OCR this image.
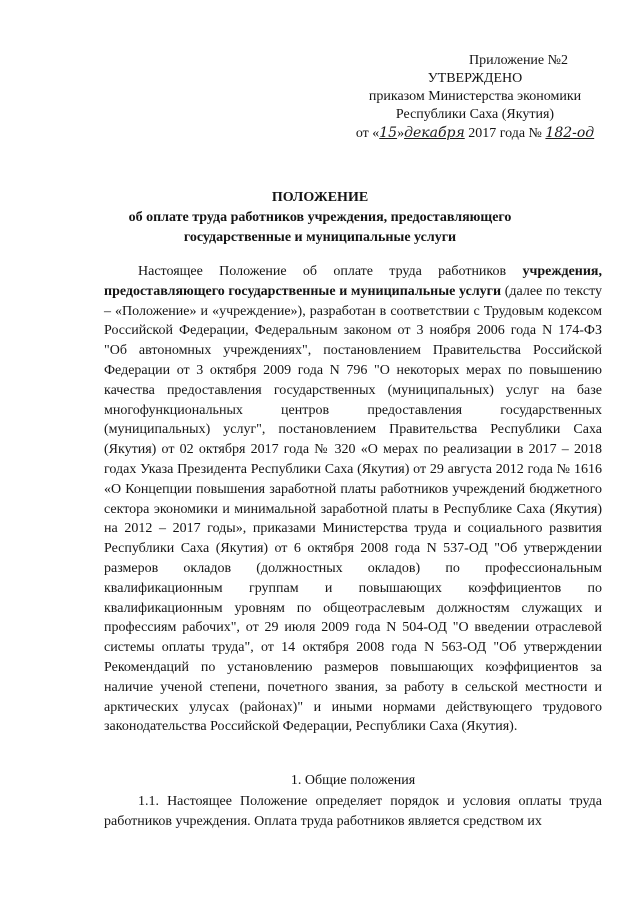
Приложение №2
УТВЕРЖДЕНО
приказом Министерства экономики
Республики Саха (Якутия)
от «15»декабря 2017 года № 182-од
ПОЛОЖЕНИЕ
об оплате труда работников учреждения, предоставляющего
государственные и муниципальные услуги

Настоящее Положение об оплате труда работников учреждения, предоставляющего государственные и муниципальные услуги (далее по тексту – «Положение» и «учреждение»), разработан в соответствии с Трудовым кодексом Российской Федерации, Федеральным законом от 3 ноября 2006 года N 174-ФЗ "Об автономных учреждениях", постановлением Правительства Российской Федерации от 3 октября 2009 года N 796 "О некоторых мерах по повышению качества предоставления государственных (муниципальных) услуг на базе многофункциональных центров предоставления государственных (муниципальных) услуг", постановлением Правительства Республики Саха (Якутия) от 02 октября 2017 года № 320 «О мерах по реализации в 2017 – 2018 годах Указа Президента Республики Саха (Якутия) от 29 августа 2012 года № 1616 «О Концепции повышения заработной платы работников учреждений бюджетного сектора экономики и минимальной заработной платы в Республике Саха (Якутия) на 2012 – 2017 годы», приказами Министерства труда и социального развития Республики Саха (Якутия) от 6 октября 2008 года N 537-ОД "Об утверждении размеров окладов (должностных окладов) по профессиональным квалификационным группам и повышающих коэффициентов по квалификационным уровням по общеотраслевым должностям служащих и профессиям рабочих", от 29 июля 2009 года N 504-ОД "О введении отраслевой системы оплаты труда", от 14 октября 2008 года N 563-ОД "Об утверждении Рекомендаций по установлению размеров повышающих коэффициентов за наличие ученой степени, почетного звания, за работу в сельской местности и арктических улусах (районах)" и иными нормами действующего трудового законодательства Российской Федерации, Республики Саха (Якутия).

1. Общие положения

1.1. Настоящее Положение определяет порядок и условия оплаты труда работников учреждения. Оплата труда работников является средством их
